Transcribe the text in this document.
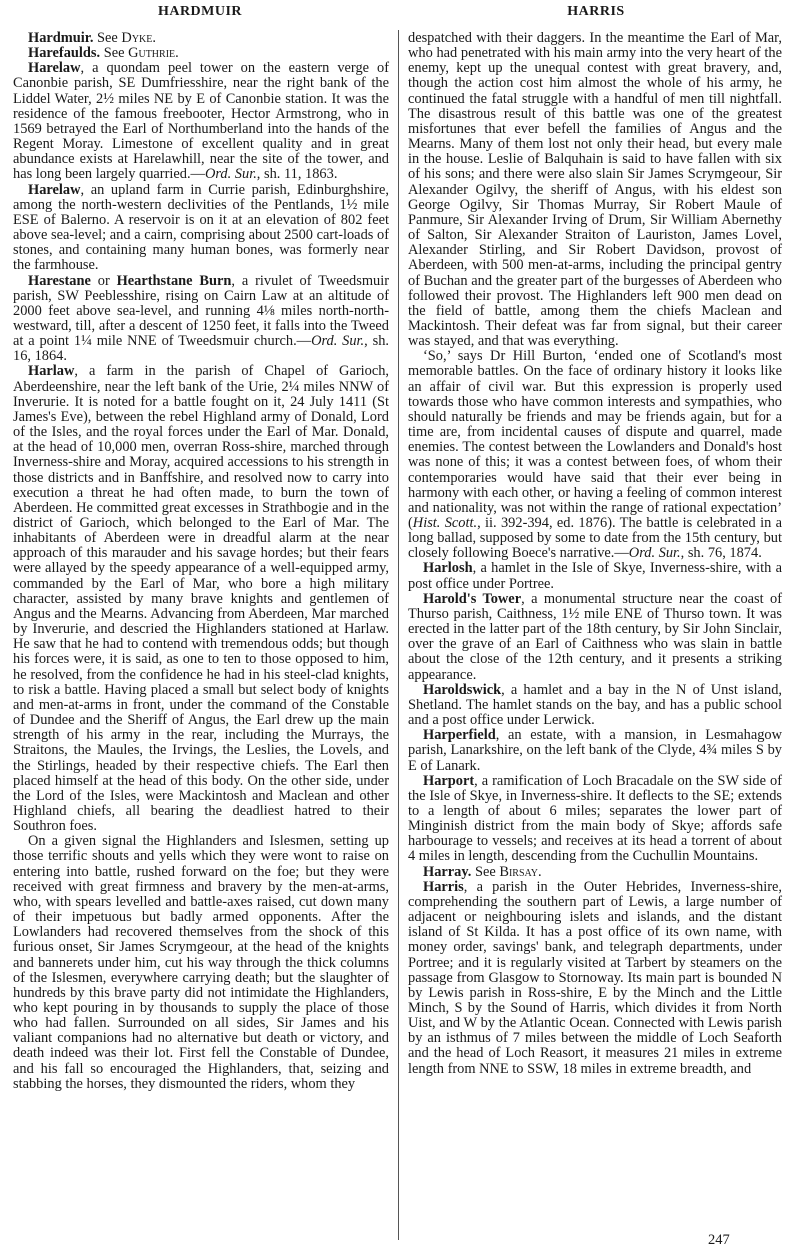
HARDMUIR	HARRIS

Hardmuir. See Dyke.

Harefaulds. See Guthrie.

Harelaw, a quondam peel tower on the eastern verge of Canonbie parish, SE Dumfriesshire, near the right bank of the Liddel Water, 2½ miles NE by E of Canonbie station. It was the residence of the famous freebooter, Hector Armstrong, who in 1569 betrayed the Earl of Northumberland into the hands of the Regent Moray. Limestone of excellent quality and in great abundance exists at Harelawhill, near the site of the tower, and has long been largely quarried.—Ord. Sur., sh. 11, 1863.

Harelaw, an upland farm in Currie parish, Edinburghshire, among the north-western declivities of the Pentlands, 1½ mile ESE of Balerno. A reservoir is on it at an elevation of 802 feet above sea-level; and a cairn, comprising about 2500 cart-loads of stones, and containing many human bones, was formerly near the farmhouse.

Harestane or Hearthstane Burn, a rivulet of Tweedsmuir parish, SW Peeblesshire, rising on Cairn Law at an altitude of 2000 feet above sea-level, and running 4⅛ miles north-north-westward, till, after a descent of 1250 feet, it falls into the Tweed at a point 1¼ mile NNE of Tweedsmuir church.—Ord. Sur., sh. 16, 1864.

Harlaw, a farm in the parish of Chapel of Garioch, Aberdeenshire, near the left bank of the Urie, 2¼ miles NNW of Inverurie. It is noted for a battle fought on it, 24 July 1411 (St James's Eve), between the rebel Highland army of Donald, Lord of the Isles, and the royal forces under the Earl of Mar. Donald, at the head of 10,000 men, overran Ross-shire, marched through Inverness-shire and Moray, acquired accessions to his strength in those districts and in Banffshire, and resolved now to carry into execution a threat he had often made, to burn the town of Aberdeen. He committed great excesses in Strathbogie and in the district of Garioch, which belonged to the Earl of Mar. The inhabitants of Aberdeen were in dreadful alarm at the near approach of this marauder and his savage hordes; but their fears were allayed by the speedy appearance of a well-equipped army, commanded by the Earl of Mar, who bore a high military character, assisted by many brave knights and gentlemen of Angus and the Mearns. Advancing from Aberdeen, Mar marched by Inverurie, and descried the Highlanders stationed at Harlaw. He saw that he had to contend with tremendous odds; but though his forces were, it is said, as one to ten to those opposed to him, he resolved, from the confidence he had in his steel-clad knights, to risk a battle. Having placed a small but select body of knights and men-at-arms in front, under the command of the Constable of Dundee and the Sheriff of Angus, the Earl drew up the main strength of his army in the rear, including the Murrays, the Straitons, the Maules, the Irvings, the Leslies, the Lovels, and the Stirlings, headed by their respective chiefs. The Earl then placed himself at the head of this body. On the other side, under the Lord of the Isles, were Mackintosh and Maclean and other Highland chiefs, all bearing the deadliest hatred to their Southron foes.

On a given signal the Highlanders and Islesmen, setting up those terrific shouts and yells which they were wont to raise on entering into battle, rushed forward on the foe; but they were received with great firmness and bravery by the men-at-arms, who, with spears levelled and battle-axes raised, cut down many of their impetuous but badly armed opponents. After the Lowlanders had recovered themselves from the shock of this furious onset, Sir James Scrymgeour, at the head of the knights and bannerets under him, cut his way through the thick columns of the Islesmen, everywhere carrying death; but the slaughter of hundreds by this brave party did not intimidate the Highlanders, who kept pouring in by thousands to supply the place of those who had fallen. Surrounded on all sides, Sir James and his valiant companions had no alternative but death or victory, and death indeed was their lot. First fell the Constable of Dundee, and his fall so encouraged the Highlanders, that, seizing and stabbing the horses, they dismounted the riders, whom they

despatched with their daggers. In the meantime the Earl of Mar, who had penetrated with his main army into the very heart of the enemy, kept up the unequal contest with great bravery, and, though the action cost him almost the whole of his army, he continued the fatal struggle with a handful of men till nightfall. The disastrous result of this battle was one of the greatest misfortunes that ever befell the families of Angus and the Mearns. Many of them lost not only their head, but every male in the house. Leslie of Balquhain is said to have fallen with six of his sons; and there were also slain Sir James Scrymgeour, Sir Alexander Ogilvy, the sheriff of Angus, with his eldest son George Ogilvy, Sir Thomas Murray, Sir Robert Maule of Panmure, Sir Alexander Irving of Drum, Sir William Abernethy of Salton, Sir Alexander Straiton of Lauriston, James Lovel, Alexander Stirling, and Sir Robert Davidson, provost of Aberdeen, with 500 men-at-arms, including the principal gentry of Buchan and the greater part of the burgesses of Aberdeen who followed their provost. The Highlanders left 900 men dead on the field of battle, among them the chiefs Maclean and Mackintosh. Their defeat was far from signal, but their career was stayed, and that was everything.

‘So,’ says Dr Hill Burton, ‘ended one of Scotland's most memorable battles. On the face of ordinary history it looks like an affair of civil war. But this expression is properly used towards those who have common interests and sympathies, who should naturally be friends and may be friends again, but for a time are, from incidental causes of dispute and quarrel, made enemies. The contest between the Lowlanders and Donald's host was none of this; it was a contest between foes, of whom their contemporaries would have said that their ever being in harmony with each other, or having a feeling of common interest and nationality, was not within the range of rational expectation’ (Hist. Scott., ii. 392-394, ed. 1876). The battle is celebrated in a long ballad, supposed by some to date from the 15th century, but closely following Boece's narrative.—Ord. Sur., sh. 76, 1874.

Harlosh, a hamlet in the Isle of Skye, Inverness-shire, with a post office under Portree.

Harold's Tower, a monumental structure near the coast of Thurso parish, Caithness, 1½ mile ENE of Thurso town. It was erected in the latter part of the 18th century, by Sir John Sinclair, over the grave of an Earl of Caithness who was slain in battle about the close of the 12th century, and it presents a striking appearance.

Haroldswick, a hamlet and a bay in the N of Unst island, Shetland. The hamlet stands on the bay, and has a public school and a post office under Lerwick.

Harperfield, an estate, with a mansion, in Lesmahagow parish, Lanarkshire, on the left bank of the Clyde, 4¾ miles S by E of Lanark.

Harport, a ramification of Loch Bracadale on the SW side of the Isle of Skye, in Inverness-shire. It deflects to the SE; extends to a length of about 6 miles; separates the lower part of Minginish district from the main body of Skye; affords safe harbourage to vessels; and receives at its head a torrent of about 4 miles in length, descending from the Cuchullin Mountains.

Harray. See Birsay.

Harris, a parish in the Outer Hebrides, Inverness-shire, comprehending the southern part of Lewis, a large number of adjacent or neighbouring islets and islands, and the distant island of St Kilda. It has a post office of its own name, with money order, savings' bank, and telegraph departments, under Portree; and it is regularly visited at Tarbert by steamers on the passage from Glasgow to Stornoway. Its main part is bounded N by Lewis parish in Ross-shire, E by the Minch and the Little Minch, S by the Sound of Harris, which divides it from North Uist, and W by the Atlantic Ocean. Connected with Lewis parish by an isthmus of 7 miles between the middle of Loch Seaforth and the head of Loch Reasort, it measures 21 miles in extreme length from NNE to SSW, 18 miles in extreme breadth, and

247
